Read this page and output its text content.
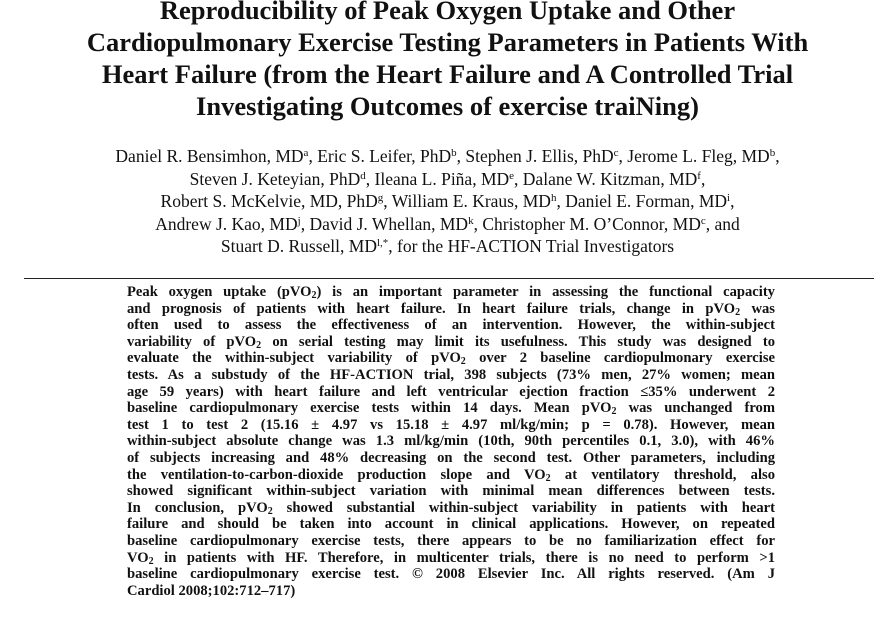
Reproducibility of Peak Oxygen Uptake and Other
Cardiopulmonary Exercise Testing Parameters in Patients With
Heart Failure (from the Heart Failure and A Controlled Trial
Investigating Outcomes of exercise traiNing)
Daniel R. Bensimhon, $MD^a$, Eric S. Leifer, PhD$^b$, Stephen J. Ellis, PhD$^c$, Jerome L. Fleg, $MD^b$,
Steven J. Keteyian, PhD$^d$, Ileana L. Piña, MDe, Dalane W. Kitzman, $MD^f$,
Robert S. McKelvie, MD, PhD$^g$, William E. Kraus, $MD^h$, Daniel E. Forman, $MD^i$,
Andrew J. Kao, $MD^j$, David J. Whellan, $MD^k$, Christopher M. O’Connor, $MD^c$, and
Stuart D. Russell, $MD^{l,*}$, for the HF-ACTION Trial Investigators
Peak oxygen uptake (pVO$_2$) is an important parameter in assessing the functional capacity
and prognosis of patients with heart failure. In heart failure trials, change in pVO$_2$ was
often used to assess the effectiveness of an intervention. However, the within-subject
variability of pVO$_2$ on serial testing may limit its usefulness. This study was designed to
evaluate the within-subject variability of pVO$_2$ over 2 baseline cardiopulmonary exercise
tests. As a substudy of the HF-ACTION trial, 398 subjects (73% men, 27% women; mean
age 59 years) with heart failure and left ventricular ejection fraction ≤35% underwent 2
baseline cardiopulmonary exercise tests within 14 days. Mean pVO$_2$ was unchanged from
test 1 to test 2 (15.16 ± 4.97 vs 15.18 ± 4.97 ml/kg/min; p = 0.78). However, mean
within-subject absolute change was 1.3 ml/kg/min (10th, 90th percentiles 0.1, 3.0), with 46%
of subjects increasing and 48% decreasing on the second test. Other parameters, including
the ventilation-to-carbon-dioxide production slope and $VO_2$ at ventilatory threshold, also
showed significant within-subject variation with minimal mean differences between tests.
In conclusion, pVO$_2$ showed substantial within-subject variability in patients with heart
failure and should be taken into account in clinical applications. However, on repeated
baseline cardiopulmonary exercise tests, there appears to be no familiarization effect for
$VO_2$ in patients with HF. Therefore, in multicenter trials, there is no need to perform >1
baseline cardiopulmonary exercise test. © 2008 Elsevier Inc. All rights reserved. (Am J
Cardiol 2008;102:712–717)
